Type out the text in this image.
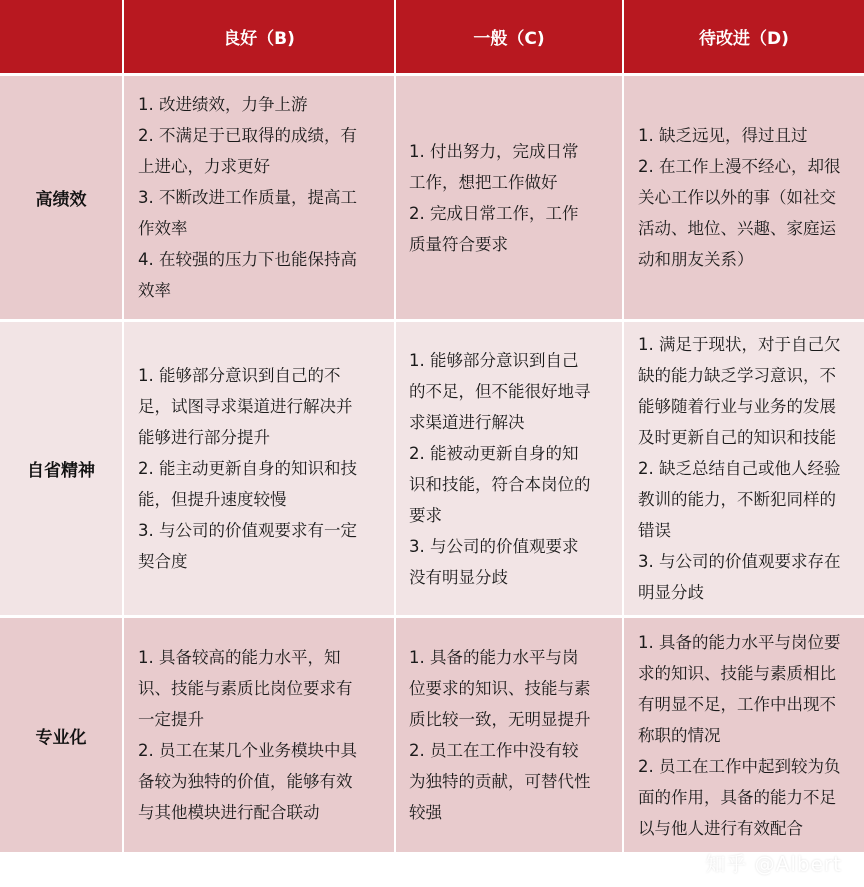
良好（B)	一般（C)	待改进（D)
高绩效
1. 改进绩效，力争上游
2. 不满足于已取得的成绩，有
上进心，力求更好
3. 不断改进工作质量，提高工
作效率
4. 在较强的压力下也能保持高
效率
1. 付出努力，完成日常
工作，想把工作做好
2. 完成日常工作，工作
质量符合要求
1. 缺乏远见，得过且过
2. 在工作上漫不经心，却很
关心工作以外的事（如社交
活动、地位、兴趣、家庭运
动和朋友关系）
自省精神
1. 能够部分意识到自己的不
足，试图寻求渠道进行解决并
能够进行部分提升
2. 能主动更新自身的知识和技
能，但提升速度较慢
3. 与公司的价值观要求有一定
契合度
1. 能够部分意识到自己
的不足，但不能很好地寻
求渠道进行解决
2. 能被动更新自身的知
识和技能，符合本岗位的
要求
3. 与公司的价值观要求
没有明显分歧
1. 满足于现状，对于自己欠
缺的能力缺乏学习意识，不
能够随着行业与业务的发展
及时更新自己的知识和技能
2. 缺乏总结自己或他人经验
教训的能力，不断犯同样的
错误
3. 与公司的价值观要求存在
明显分歧
专业化
1. 具备较高的能力水平，知
识、技能与素质比岗位要求有
一定提升
2. 员工在某几个业务模块中具
备较为独特的价值，能够有效
与其他模块进行配合联动
1. 具备的能力水平与岗
位要求的知识、技能与素
质比较一致，无明显提升
2. 员工在工作中没有较
为独特的贡献，可替代性
较强
1. 具备的能力水平与岗位要
求的知识、技能与素质相比
有明显不足，工作中出现不
称职的情况
2. 员工在工作中起到较为负
面的作用，具备的能力不足
以与他人进行有效配合
知乎 @Albert
